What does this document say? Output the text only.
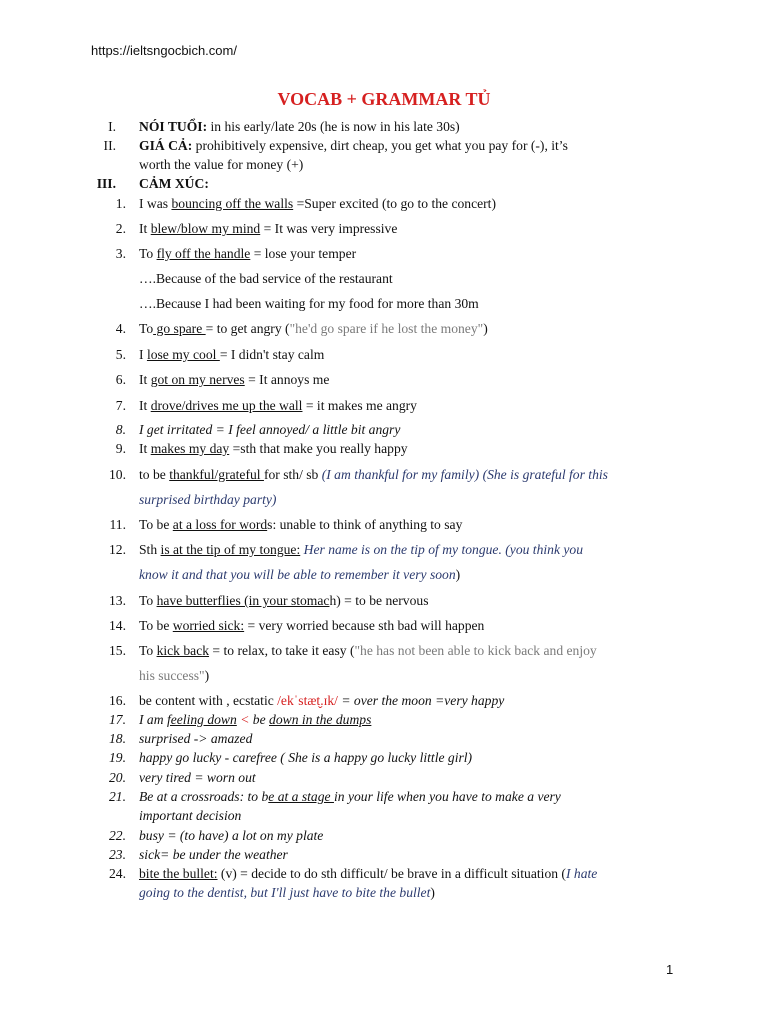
https://ieltsngocbich.com/
VOCAB + GRAMMAR TỦ
I. NÓI TUỔI: in his early/late 20s (he is now in his late 30s)
II. GIÁ CẢ: prohibitively expensive, dirt cheap, you get what you pay for (-), it’s
worth the value for money (+)
III. CẢM XÚC:
1. I was bouncing off the walls =Super excited (to go to the concert)
2. It blew/blow my mind = It was very impressive
3. To fly off the handle = lose your temper
….Because of the bad service of the restaurant
….Because I had been waiting for my food for more than 30m
4. To go spare = to get angry ("he'd go spare if he lost the money")
5. I lose my cool = I didn't stay calm
6. It got on my nerves = It annoys me
7. It drove/drives me up the wall = it makes me angry
8. I get irritated = I feel annoyed/ a little bit angry
9. It makes my day =sth that make you really happy
10. to be thankful/grateful for sth/ sb (I am thankful for my family) (She is grateful for this
surprised birthday party)
11. To be at a loss for words: unable to think of anything to say
12. Sth is at the tip of my tongue: Her name is on the tip of my tongue. (you think you
know it and that you will be able to remember it very soon)
13. To have butterflies (in your stomach) = to be nervous
14. To be worried sick: = very worried because sth bad will happen
15. To kick back = to relax, to take it easy ("he has not been able to kick back and enjoy
his success")
16. be content with , ecstatic /ekˈstæt̬.ɪk/ = over the moon =very happy
17. I am feeling down < be down in the dumps
18. surprised -> amazed
19. happy go lucky - carefree ( She is a happy go lucky little girl)
20. very tired = worn out
21. Be at a crossroads: to be at a stage in your life when you have to make a very
important decision
22. busy = (to have) a lot on my plate
23. sick= be under the weather
24. bite the bullet: (v) = decide to do sth difficult/ be brave in a difficult situation (I hate
going to the dentist, but I'll just have to bite the bullet)
1
